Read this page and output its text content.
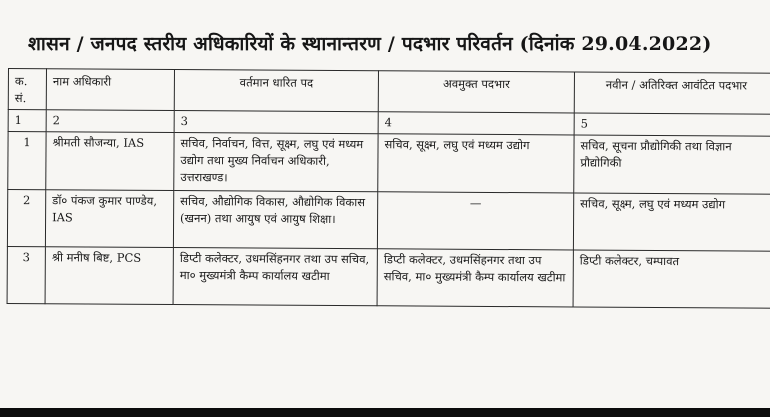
शासन / जनपद स्तरीय अधिकारियों के स्थानान्तरण / पदभार परिवर्तन (दिनांक 29.04.2022)
क. सं.	नाम अधिकारी	वर्तमान धारित पद	अवमुक्त पदभार	नवीन / अतिरिक्त आवंटित पदभार
1	2	3	4	5
1	श्रीमती सौजन्या, IAS	सचिव, निर्वाचन, वित्त, सूक्ष्म, लघु एवं मध्यम उद्योग तथा मुख्य निर्वाचन अधिकारी, उत्तराखण्ड।	सचिव, सूक्ष्म, लघु एवं मध्यम उद्योग	सचिव, सूचना प्रौद्योगिकी तथा विज्ञान प्रौद्योगिकी
2	डॉ० पंकज कुमार पाण्डेय, IAS	सचिव, औद्योगिक विकास, औद्योगिक विकास (खनन) तथा आयुष एवं आयुष शिक्षा।	—	सचिव, सूक्ष्म, लघु एवं मध्यम उद्योग
3	श्री मनीष बिष्ट, PCS	डिप्टी कलेक्टर, उधमसिंहनगर तथा उप सचिव, मा० मुख्यमंत्री कैम्प कार्यालय खटीमा	डिप्टी कलेक्टर, उधमसिंहनगर तथा उप सचिव, मा० मुख्यमंत्री कैम्प कार्यालय खटीमा	डिप्टी कलेक्टर, चम्पावत
